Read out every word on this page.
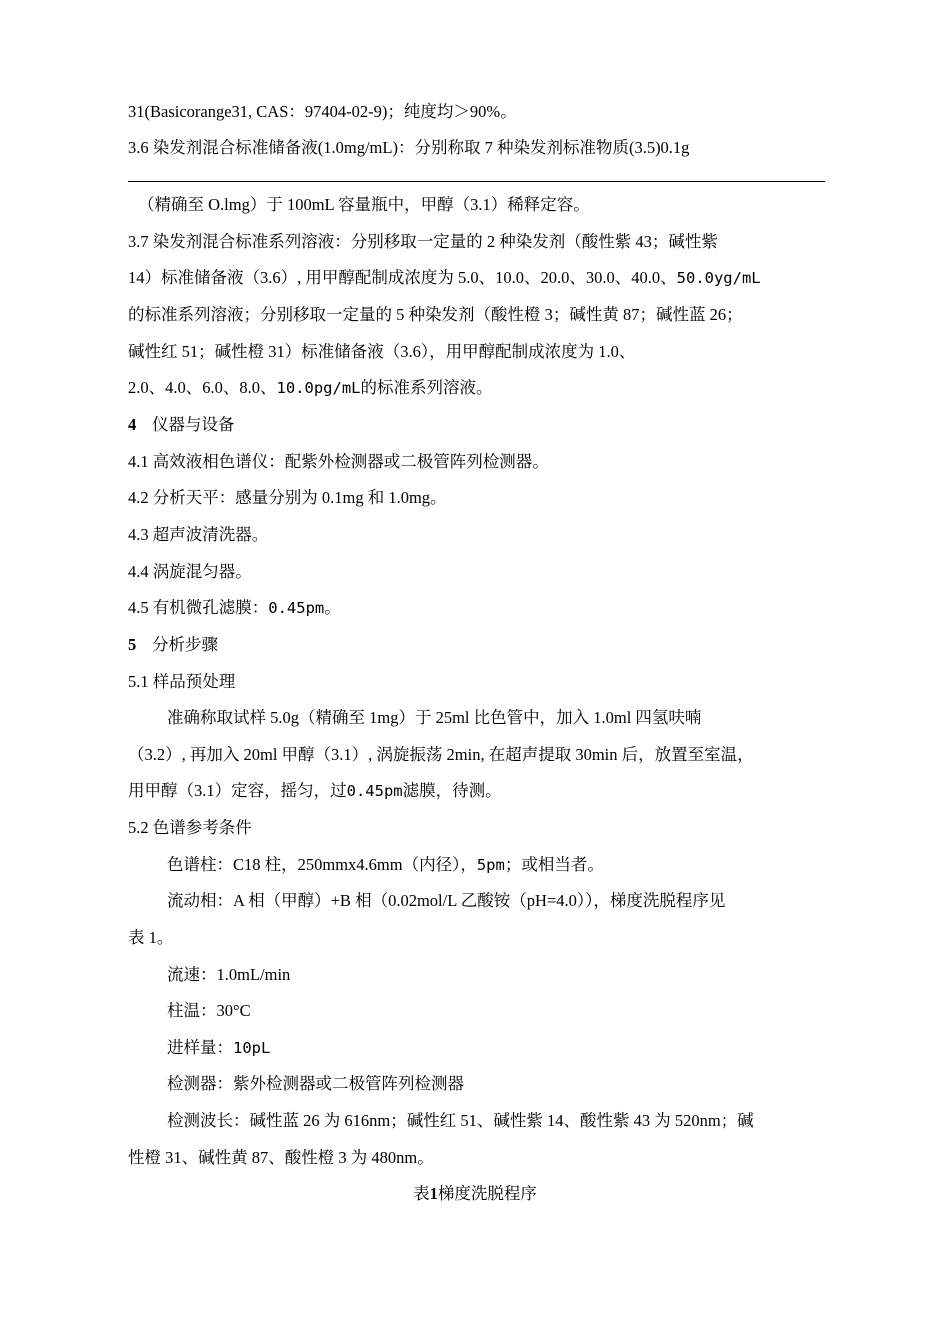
31(Basicorange31, CAS：97404-02-9)；纯度均＞90%。
3.6 染发剂混合标准储备液(1.0mg/mL)：分别称取 7 种染发剂标准物质(3.5)0.1g
（精确至 O.lmg）于 100mL 容量瓶中，甲醇（3.1）稀释定容。
3.7 染发剂混合标准系列溶液：分别移取一定量的 2 种染发剂（酸性紫 43；碱性紫
14）标准储备液（3.6）, 用甲醇配制成浓度为 5.0、10.0、20.0、30.0、40.0、50.0yg/mL
的标准系列溶液；分别移取一定量的 5 种染发剂（酸性橙 3；碱性黄 87；碱性蓝 26；
碱性红 51；碱性橙 31）标准储备液（3.6），用甲醇配制成浓度为 1.0、
2.0、4.0、6.0、8.0、10.0pg/mL的标准系列溶液。
4 仪器与设备
4.1 高效液相色谱仪：配紫外检测器或二极管阵列检测器。
4.2 分析天平：感量分别为 0.1mg 和 1.0mg。
4.3 超声波清洗器。
4.4 涡旋混匀器。
4.5 有机微孔滤膜：0.45pm。
5 分析步骤
5.1 样品预处理
准确称取试样 5.0g（精确至 1mg）于 25ml 比色管中，加入 1.0ml 四氢呋喃
（3.2）, 再加入 20ml 甲醇（3.1）, 涡旋振荡 2min, 在超声提取 30min 后，放置至室温，
用甲醇（3.1）定容，摇匀，过0.45pm滤膜，待测。
5.2 色谱参考条件
色谱柱：C18 柱，250mmx4.6mm（内径），5pm；或相当者。
流动相：A 相（甲醇）+B 相（0.02mol/L 乙酸铵（pH=4.0）），梯度洗脱程序见
表 1。
流速：1.0mL/min
柱温：30°C
进样量：10pL
检测器：紫外检测器或二极管阵列检测器
检测波长：碱性蓝 26 为 616nm；碱性红 51、碱性紫 14、酸性紫 43 为 520nm；碱
性橙 31、碱性黄 87、酸性橙 3 为 480nm。
表1梯度洗脱程序
